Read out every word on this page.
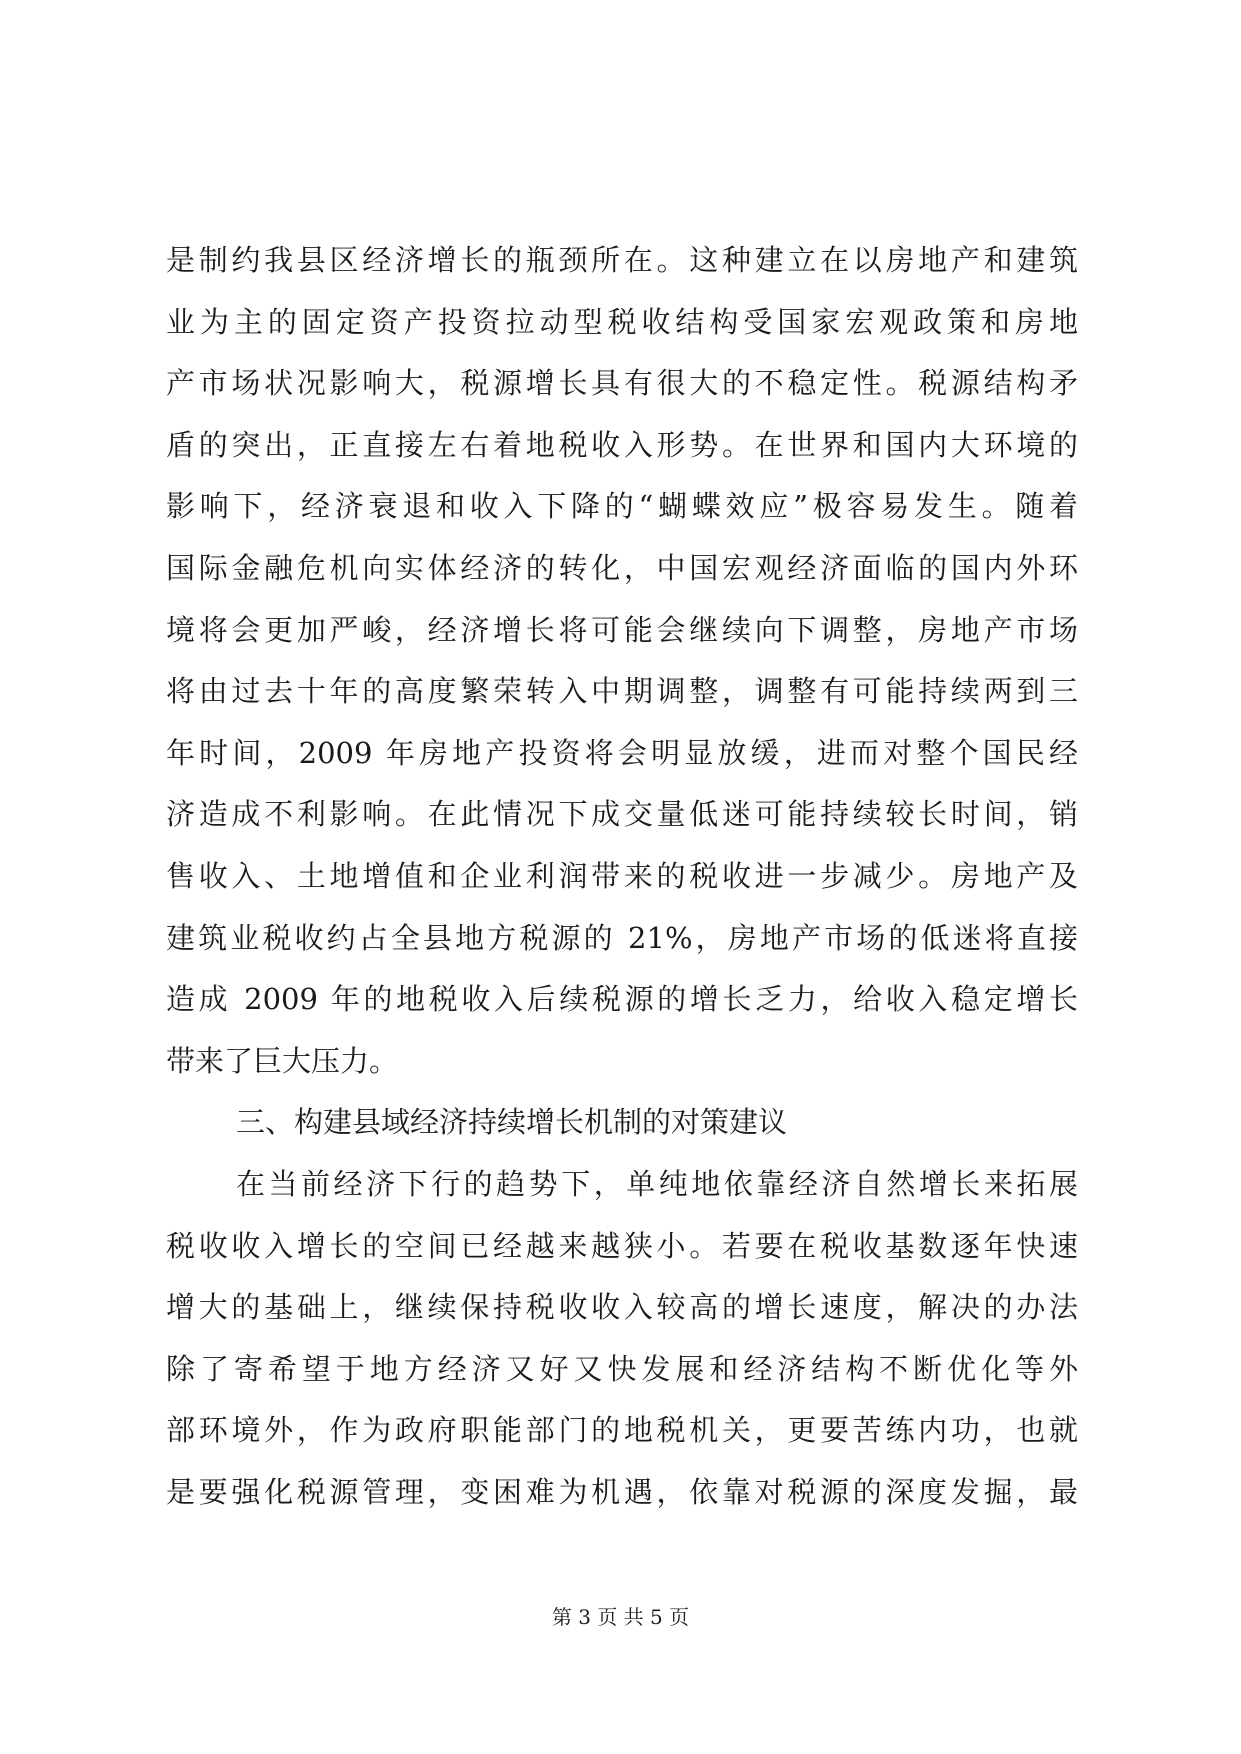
是制约我县区经济增长的瓶颈所在。这种建立在以房地产和建筑
业为主的固定资产投资拉动型税收结构受国家宏观政策和房地
产市场状况影响大，税源增长具有很大的不稳定性。税源结构矛
盾的突出，正直接左右着地税收入形势。在世界和国内大环境的
影响下，经济衰退和收入下降的“蝴蝶效应”极容易发生。随着
国际金融危机向实体经济的转化，中国宏观经济面临的国内外环
境将会更加严峻，经济增长将可能会继续向下调整，房地产市场
将由过去十年的高度繁荣转入中期调整，调整有可能持续两到三
年时间，2009 年房地产投资将会明显放缓，进而对整个国民经
济造成不利影响。在此情况下成交量低迷可能持续较长时间，销
售收入、土地增值和企业利润带来的税收进一步减少。房地产及
建筑业税收约占全县地方税源的 21%，房地产市场的低迷将直接
造成 2009 年的地税收入后续税源的增长乏力，给收入稳定增长
带来了巨大压力。
三、构建县域经济持续增长机制的对策建议
在当前经济下行的趋势下，单纯地依靠经济自然增长来拓展
税收收入增长的空间已经越来越狭小。若要在税收基数逐年快速
增大的基础上，继续保持税收收入较高的增长速度，解决的办法
除了寄希望于地方经济又好又快发展和经济结构不断优化等外
部环境外，作为政府职能部门的地税机关，更要苦练内功，也就
是要强化税源管理，变困难为机遇，依靠对税源的深度发掘，最
第 3 页 共 5 页
